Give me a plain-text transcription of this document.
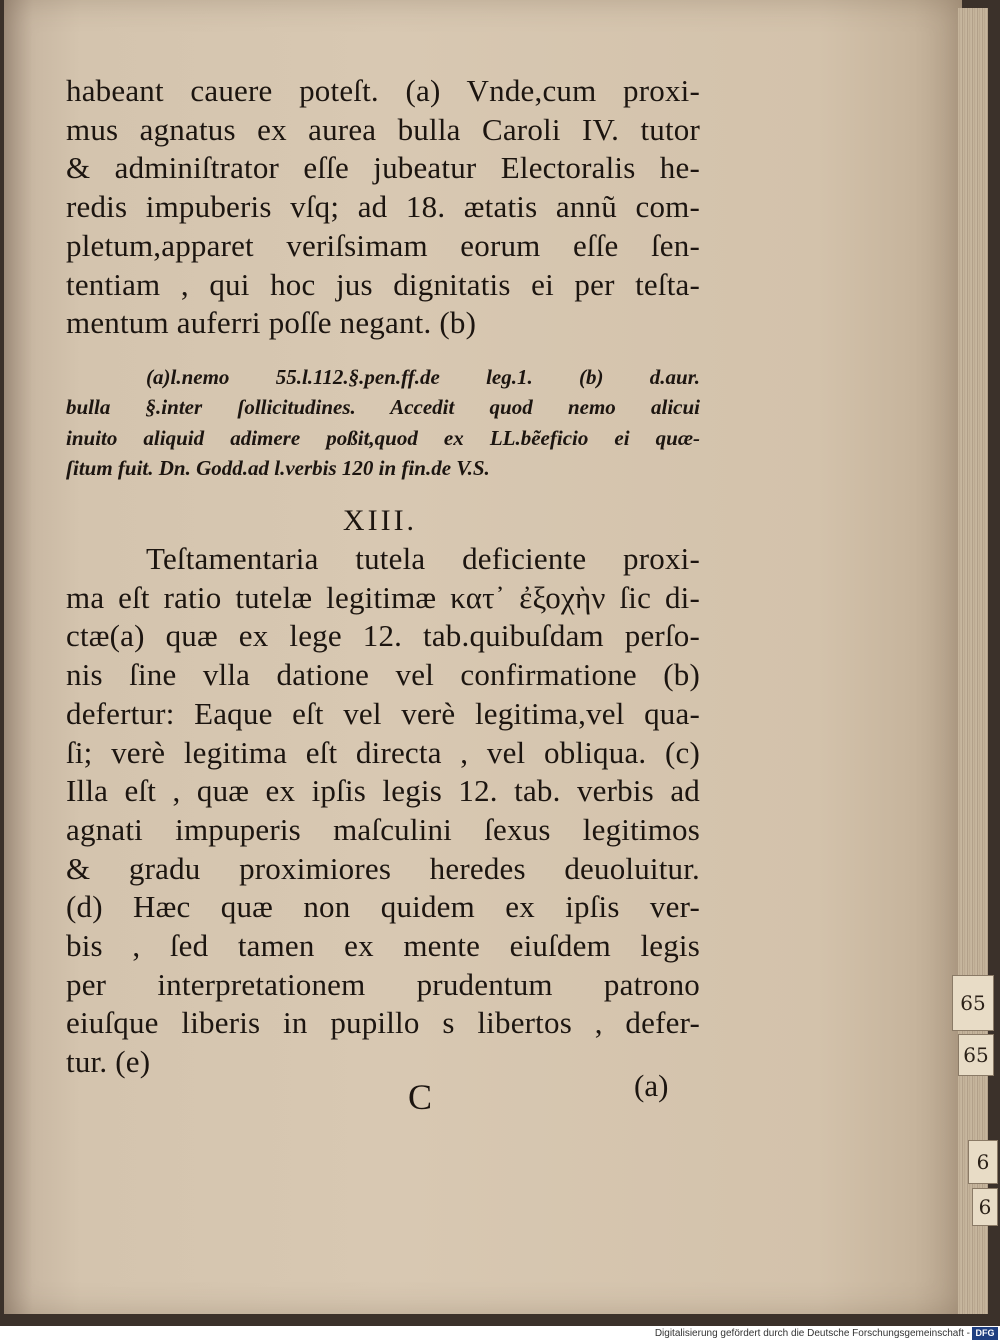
65
65
6
6
habeant cauere poteſt. (a) Vnde,cum proxi-
mus agnatus ex aurea bulla Caroli IV. tutor
& adminiſtrator eſſe jubeatur Electoralis he-
redis impuberis vſq; ad 18. ætatis annũ com-
pletum,apparet veriſsimam eorum eſſe ſen-
tentiam , qui hoc jus dignitatis ei per teſta-
mentum auferri poſſe negant. (b)
(a)l.nemo 55.l.112.§.pen.ff.de leg.1. (b) d.aur.
bulla §.inter ſollicitudines. Accedit quod nemo alicui
inuito aliquid adimere poßit,quod ex LL.bẽeficio ei quæ-
ſitum fuit. Dn. Godd.ad l.verbis 120 in fin.de V.S.
XIII.
Teſtamentaria tutela deficiente proxi-
ma eſt ratio tutelæ legitimæ κατ᾽ ἐξοχὴν ſic di-
ctæ(a) quæ ex lege 12. tab.quibuſdam perſo-
nis ſine vlla datione vel confirmatione (b)
defertur: Eaque eſt vel verè legitima,vel qua-
ſi; verè legitima eſt directa , vel obliqua. (c)
Illa eſt , quæ ex ipſis legis 12. tab. verbis ad
agnati impuperis maſculini ſexus legitimos
& gradu proximiores heredes deuoluitur.
(d) Hæc quæ non quidem ex ipſis ver-
bis , ſed tamen ex mente eiuſdem legis
per interpretationem prudentum patrono
eiuſque liberis in pupillo s libertos , defer-
tur. (e)
C	(a)
Digitalisierung gefördert durch die Deutsche Forschungsgemeinschaft - DFG
